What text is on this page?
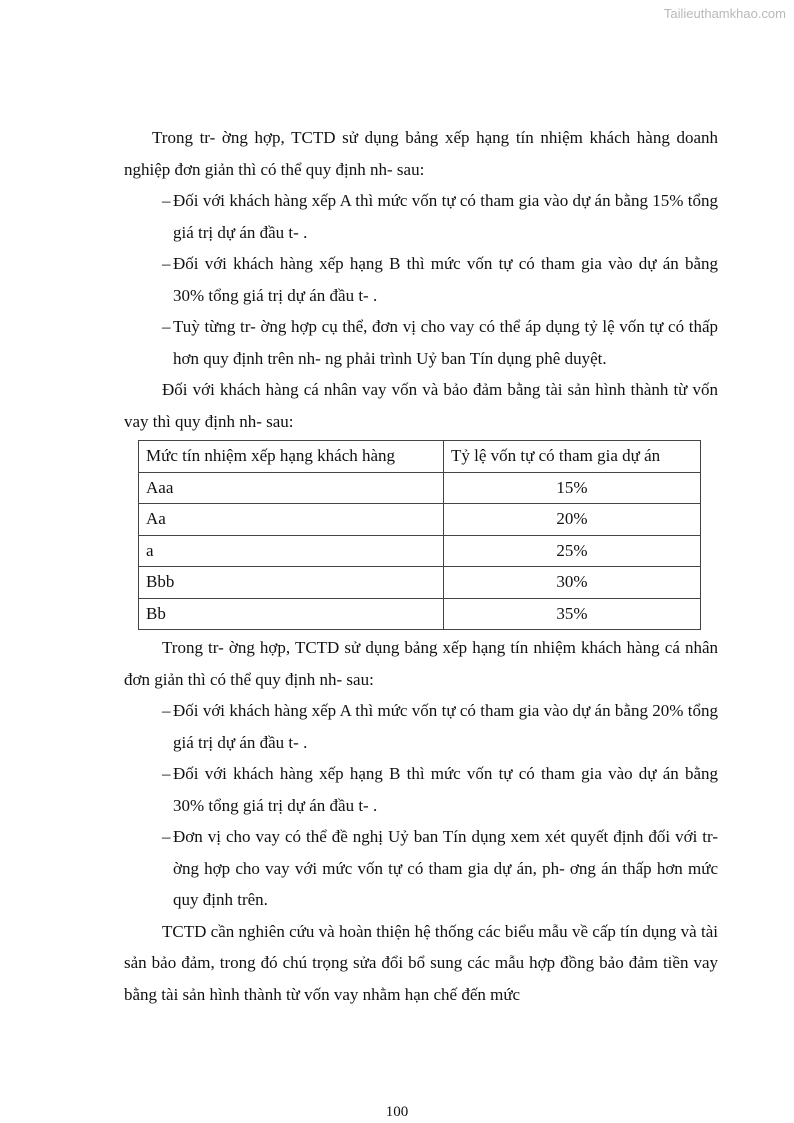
Tailieuthamkhao.com

Trong tr- ờng hợp, TCTD sử dụng bảng xếp hạng tín nhiệm khách hàng doanh nghiệp đơn giản thì có thể quy định nh- sau:

– Đối với khách hàng xếp A thì mức vốn tự có tham gia vào dự án bằng 15% tổng giá trị dự án đầu t- .
– Đối với khách hàng xếp hạng B thì mức vốn tự có tham gia vào dự án bằng 30% tổng giá trị dự án đầu t- .
– Tuỳ từng tr- ờng hợp cụ thể, đơn vị cho vay có thể áp dụng tỷ lệ vốn tự có thấp hơn quy định trên nh- ng phải trình Uỷ ban Tín dụng phê duyệt.

Đối với khách hàng cá nhân vay vốn và bảo đảm bằng tài sản hình thành từ vốn vay thì quy định nh- sau:

Mức tín nhiệm xếp hạng khách hàng	Tỷ lệ vốn tự có tham gia dự án
Aaa	15%
Aa	20%
a	25%
Bbb	30%
Bb	35%

Trong tr- ờng hợp, TCTD sử dụng bảng xếp hạng tín nhiệm khách hàng cá nhân đơn giản thì có thể quy định nh- sau:

– Đối với khách hàng xếp A thì mức vốn tự có tham gia vào dự án bằng 20% tổng giá trị dự án đầu t- .
– Đối với khách hàng xếp hạng B thì mức vốn tự có tham gia vào dự án bằng 30% tổng giá trị dự án đầu t- .
– Đơn vị cho vay có thể đề nghị Uỷ ban Tín dụng xem xét quyết định đối với tr- ờng hợp cho vay với mức vốn tự có tham gia dự án, ph- ơng án thấp hơn mức quy định trên.

TCTD cần nghiên cứu và hoàn thiện hệ thống các biểu mẫu về cấp tín dụng và tài sản bảo đảm, trong đó chú trọng sửa đổi bổ sung các mẫu hợp đồng bảo đảm tiền vay bằng tài sản hình thành từ vốn vay nhằm hạn chế đến mức

100
